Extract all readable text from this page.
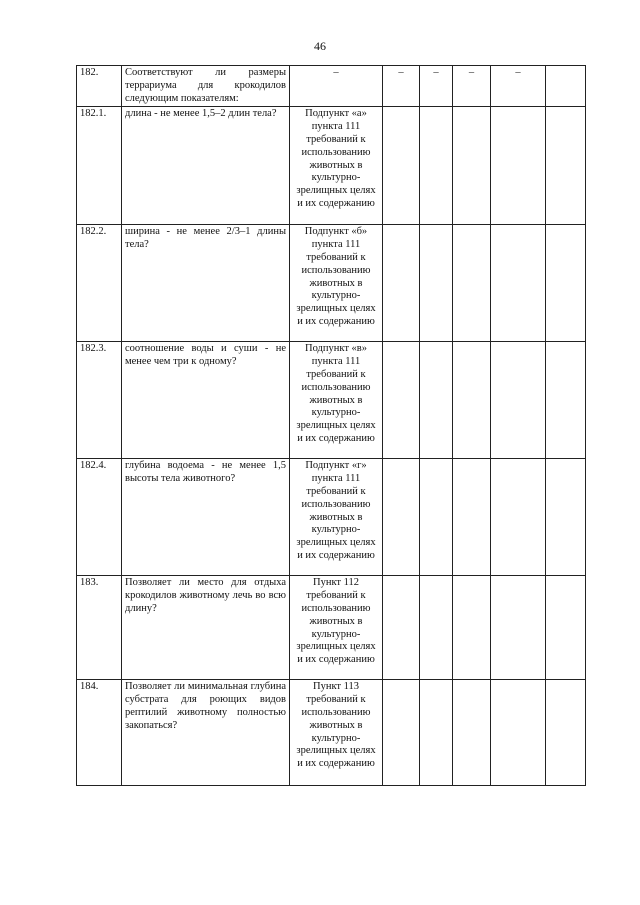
46
182.	Соответствуют ли размеры террариума для крокодилов следующим показателям:	–	–	–	–	–	
182.1.	длина - не менее 1,5–2 длин тела?	Подпункт «а» пункта 111 требований к использованию животных в культурно-зрелищных целях и их содержанию					
182.2.	ширина - не менее 2/3–1 длины тела?	Подпункт «б» пункта 111 требований к использованию животных в культурно-зрелищных целях и их содержанию					
182.3.	соотношение воды и суши - не менее чем три к одному?	Подпункт «в» пункта 111 требований к использованию животных в культурно-зрелищных целях и их содержанию					
182.4.	глубина водоема - не менее 1,5 высоты тела животного?	Подпункт «г» пункта 111 требований к использованию животных в культурно-зрелищных целях и их содержанию					
183.	Позволяет ли место для отдыха крокодилов животному лечь во всю длину?	Пункт 112 требований к использованию животных в культурно-зрелищных целях и их содержанию					
184.	Позволяет ли минимальная глубина субстрата для роющих видов рептилий животному полностью закопаться?	Пункт 113 требований к использованию животных в культурно-зрелищных целях и их содержанию					
